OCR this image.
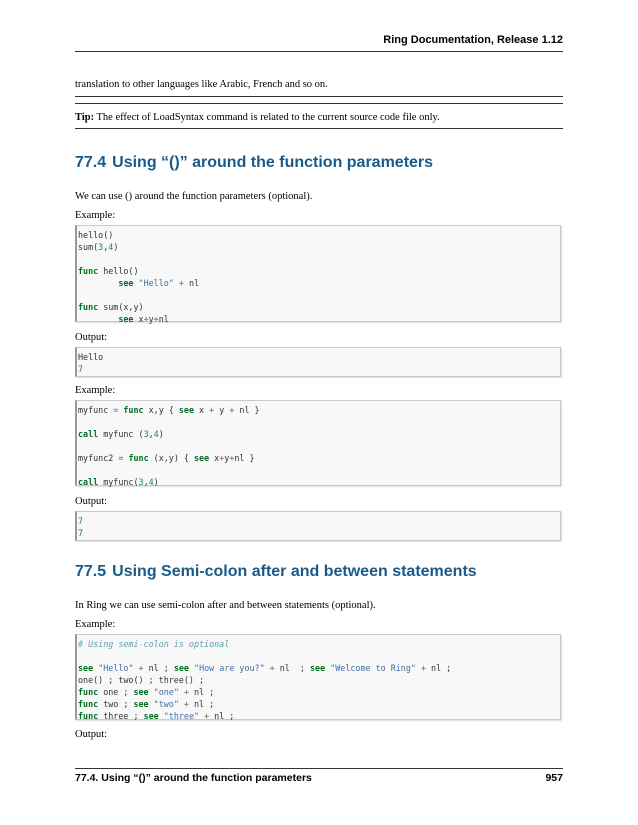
Ring Documentation, Release 1.12
translation to other languages like Arabic, French and so on.
Tip: The effect of LoadSyntax command is related to the current source code file only.
77.4 Using “()” around the function parameters
We can use () around the function parameters (optional).
Example:
hello()
sum(3,4)
func hello()
see "Hello" + nl
func sum(x,y)
see x+y+nl
Output:
Hello
7
Example:
myfunc = func x,y { see x + y + nl }
call myfunc (3,4)
myfunc2 = func (x,y) { see x+y+nl }
call myfunc(3,4)
Output:
7
7
77.5 Using Semi-colon after and between statements
In Ring we can use semi-colon after and between statements (optional).
Example:
# Using semi-colon is optional
see "Hello" + nl ; see "How are you?" + nl  ; see "Welcome to Ring" + nl ;
one() ; two() ; three() ;
func one ; see "one" + nl ;
func two ; see "two" + nl ;
func three ; see "three" + nl ;
Output:
77.4. Using “()” around the function parameters	957
